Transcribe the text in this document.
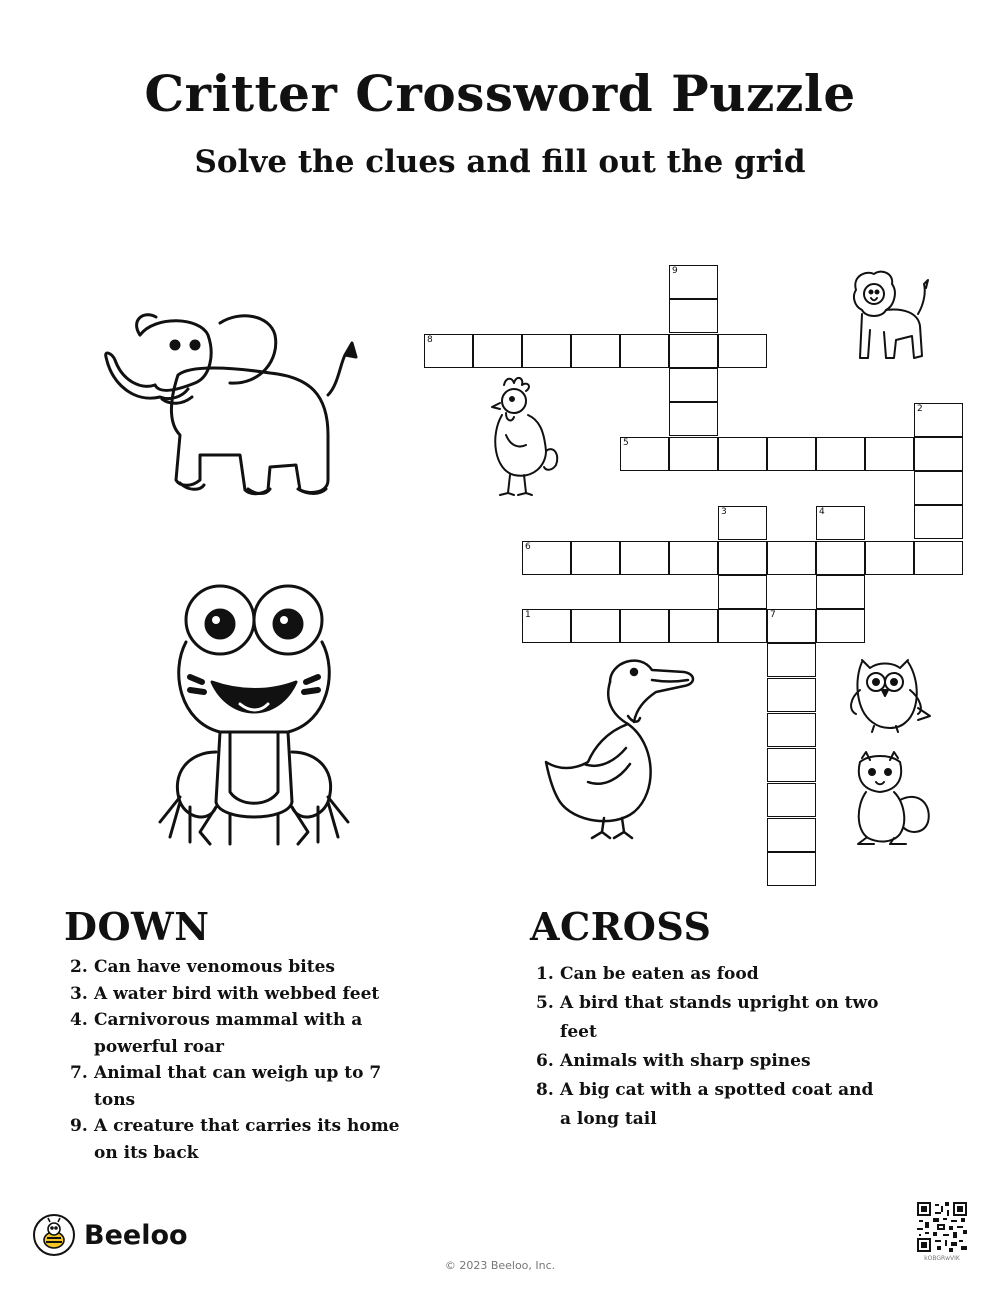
Critter Crossword Puzzle
Solve the clues and fill out the grid
9
8
5
2
3	4
6
1	7
DOWN
2. Can have venomous bites
3. A water bird with webbed feet
4. Carnivorous mammal with a powerful roar
7. Animal that can weigh up to 7 tons
9. A creature that carries its home on its back
ACROSS
1. Can be eaten as food
5. A bird that stands upright on two feet
6. Animals with sharp spines
8. A big cat with a spotted coat and a long tail
Beeloo
© 2023 Beeloo, Inc.
kOBGRwVIK
